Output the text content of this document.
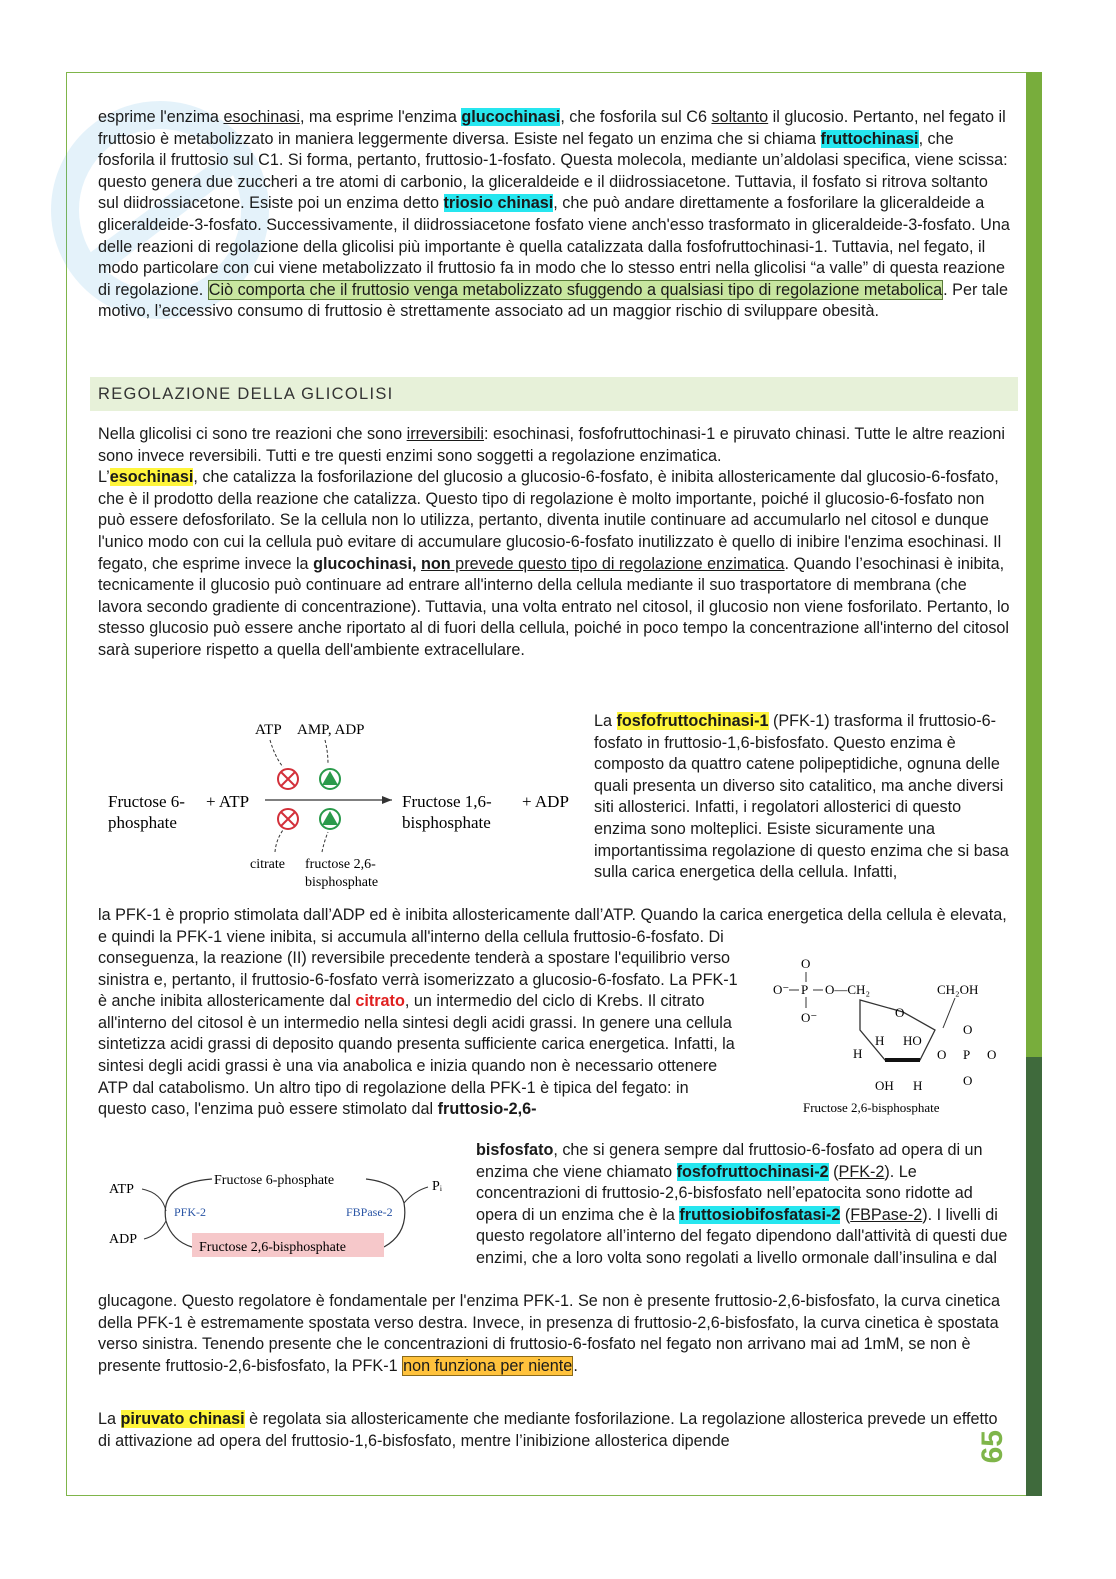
esprime l'enzima esochinasi, ma esprime l'enzima glucochinasi, che fosforila sul C6 soltanto il glucosio. Pertanto, nel fegato il fruttosio è metabolizzato in maniera leggermente diversa. Esiste nel fegato un enzima che si chiama fruttochinasi, che fosforila il fruttosio sul C1. Si forma, pertanto, fruttosio-1-fosfato. Questa molecola, mediante un’aldolasi specifica, viene scissa: questo genera due zuccheri a tre atomi di carbonio, la gliceraldeide e il diidrossiacetone. Tuttavia, il fosfato si ritrova soltanto sul diidrossiacetone. Esiste poi un enzima detto triosio chinasi, che può andare direttamente a fosforilare la gliceraldeide a gliceraldeide-3-fosfato. Successivamente, il diidrossiacetone fosfato viene anch'esso trasformato in gliceraldeide-3-fosfato. Una delle reazioni di regolazione della glicolisi più importante è quella catalizzata dalla fosfofruttochinasi-1. Tuttavia, nel fegato, il modo particolare con cui viene metabolizzato il fruttosio fa in modo che lo stesso entri nella glicolisi “a valle” di questa reazione di regolazione. Ciò comporta che il fruttosio venga metabolizzato sfuggendo a qualsiasi tipo di regolazione metabolica. Per tale motivo, l’eccessivo consumo di fruttosio è strettamente associato ad un maggior rischio di sviluppare obesità.

REGOLAZIONE DELLA GLICOLISI

Nella glicolisi ci sono tre reazioni che sono irreversibili: esochinasi, fosfofruttochinasi-1 e piruvato chinasi. Tutte le altre reazioni sono invece reversibili. Tutti e tre questi enzimi sono soggetti a regolazione enzimatica.

L’esochinasi, che catalizza la fosforilazione del glucosio a glucosio-6-fosfato, è inibita allostericamente dal glucosio-6-fosfato, che è il prodotto della reazione che catalizza. Questo tipo di regolazione è molto importante, poiché il glucosio-6-fosfato non può essere defosforilato. Se la cellula non lo utilizza, pertanto, diventa inutile continuare ad accumularlo nel citosol e dunque l'unico modo con cui la cellula può evitare di accumulare glucosio-6-fosfato inutilizzato è quello di inibire l'enzima esochinasi. Il fegato, che esprime invece la glucochinasi, non prevede questo tipo di regolazione enzimatica. Quando l’esochinasi è inibita, tecnicamente il glucosio può continuare ad entrare all'interno della cellula mediante il suo trasportatore di membrana (che lavora secondo gradiente di concentrazione). Tuttavia, una volta entrato nel citosol, il glucosio non viene fosforilato. Pertanto, lo stesso glucosio può essere anche riportato al di fuori della cellula, poiché in poco tempo la concentrazione all'interno del citosol sarà superiore rispetto a quella dell'ambiente extracellulare.

ATP AMP, ADP
Fructose 6-
phosphate
+ ATP	Fructose 1,6-
bisphosphate
+ ADP
citrate fructose 2,6-
bisphosphate

La fosfofruttochinasi-1 (PFK-1) trasforma il fruttosio-6-fosfato in fruttosio-1,6-bisfosfato. Questo enzima è composto da quattro catene polipeptidiche, ognuna delle quali presenta un diverso sito catalitico, ma anche diversi siti allosterici. Infatti, i regolatori allosterici di questo enzima sono molteplici. Esiste sicuramente una importantissima regolazione di questo enzima che si basa sulla carica energetica della cellula. Infatti,

la PFK-1 è proprio stimolata dall’ADP ed è inibita allostericamente dall’ATP. Quando la carica energetica della cellula è elevata, e quindi la PFK-1 viene inibita, si accumula all'interno della cellula fruttosio-6-fosfato. Di

conseguenza, la reazione (II) reversibile precedente tenderà a spostare l'equilibrio verso sinistra e, pertanto, il fruttosio-6-fosfato verrà isomerizzato a glucosio-6-fosfato. La PFK-1 è anche inibita allostericamente dal citrato, un intermedio del ciclo di Krebs. Il citrato all'interno del citosol è un intermedio nella sintesi degli acidi grassi. In genere una cellula sintetizza acidi grassi di deposito quando presenta sufficiente carica energetica. Infatti, la sintesi degli acidi grassi è una via anabolica e inizia quando non è necessario ottenere ATP dal catabolismo. Un altro tipo di regolazione della PFK-1 è tipica del fegato: in questo caso, l'enzima può essere stimolato dal fruttosio-2,6-

O
O⁻ P O—CH₂
O⁻
CH₂OH
O
H HO
H
OH H
O P O
O
O
Fructose 2,6-bisphosphate
Fructose 6-phosphate
ATP
ADP
Pᵢ
PFK-2	FBPase-2
Fructose 2,6-bisphosphate

bisfosfato, che si genera sempre dal fruttosio-6-fosfato ad opera di un enzima che viene chiamato fosfofruttochinasi-2 (PFK-2). Le concentrazioni di fruttosio-2,6-bisfosfato nell’epatocita sono ridotte ad opera di un enzima che è la fruttosiobifosfatasi-2 (FBPase-2). I livelli di questo regolatore all’interno del fegato dipendono dall'attività di questi due enzimi, che a loro volta sono regolati a livello ormonale dall’insulina e dal

glucagone. Questo regolatore è fondamentale per l'enzima PFK-1. Se non è presente fruttosio-2,6-bisfosfato, la curva cinetica della PFK-1 è estremamente spostata verso destra. Invece, in presenza di fruttosio-2,6-bisfosfato, la curva cinetica è spostata verso sinistra. Tenendo presente che le concentrazioni di fruttosio-6-fosfato nel fegato non arrivano mai ad 1mM, se non è presente fruttosio-2,6-bisfosfato, la PFK-1 non funziona per niente.

La piruvato chinasi è regolata sia allostericamente che mediante fosforilazione. La regolazione allosterica prevede un effetto di attivazione ad opera del fruttosio-1,6-bisfosfato, mentre l’inibizione allosterica dipende	65
